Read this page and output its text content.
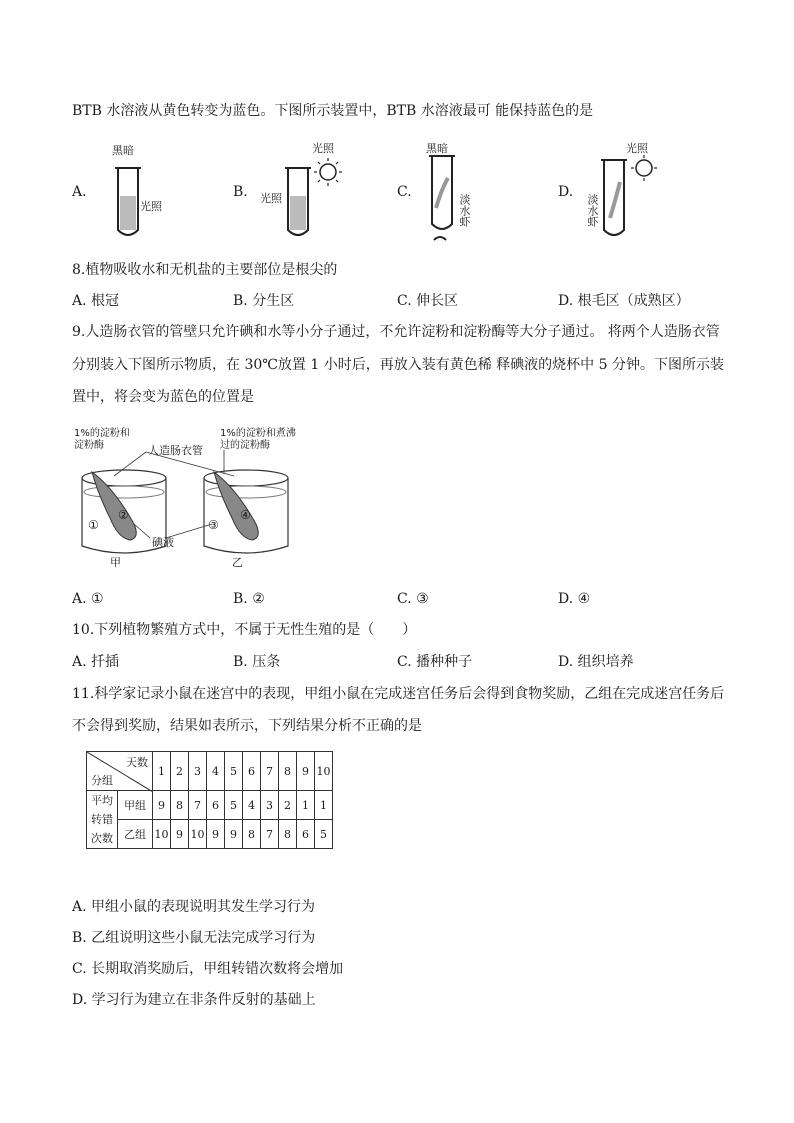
BTB 水溶液从黄色转变为蓝色。下图所示装置中，BTB 水溶液最可 能保持蓝色的是
A.
黑暗
光照
B. 光照
光照
C.
黑暗
淡水虾
D.
光照
淡水虾
8.植物吸收水和无机盐的主要部位是根尖的
A. 根冠	B. 分生区	C. 伸长区	D. 根毛区（成熟区）
9.人造肠衣管的管壁只允许碘和水等小分子通过，不允许淀粉和淀粉酶等大分子通过。 将两个人造肠衣管
分别装入下图所示物质，在 30℃放置 1 小时后，再放入装有黄色稀 释碘液的烧杯中 5 分钟。下图所示装
置中，将会变为蓝色的位置是
1%的淀粉和淀粉酶	人造肠衣管
1%的淀粉和煮沸过的淀粉酶
碘液
①
②
③
④
甲	乙
A. ①	B. ②	C. ③	D. ④
10.下列植物繁殖方式中，不属于无性生殖的是（　　）
A. 扦插	B. 压条	C. 播种种子	D. 组织培养
11.科学家记录小鼠在迷宫中的表现，甲组小鼠在完成迷宫任务后会得到食物奖励，乙组在完成迷宫任务后
不会得到奖励，结果如表所示，下列结果分析不正确的是
天数
分组		1	2	3	4	5	6	7	8	9	10

平均
转错
次数	甲组	9	8	7	6	5	4	3	2	1	1
	乙组	10	9	10	9	9	8	7	8	6	5
A. 甲组小鼠的表现说明其发生学习行为
B. 乙组说明这些小鼠无法完成学习行为
C. 长期取消奖励后，甲组转错次数将会增加
D. 学习行为建立在非条件反射的基础上
